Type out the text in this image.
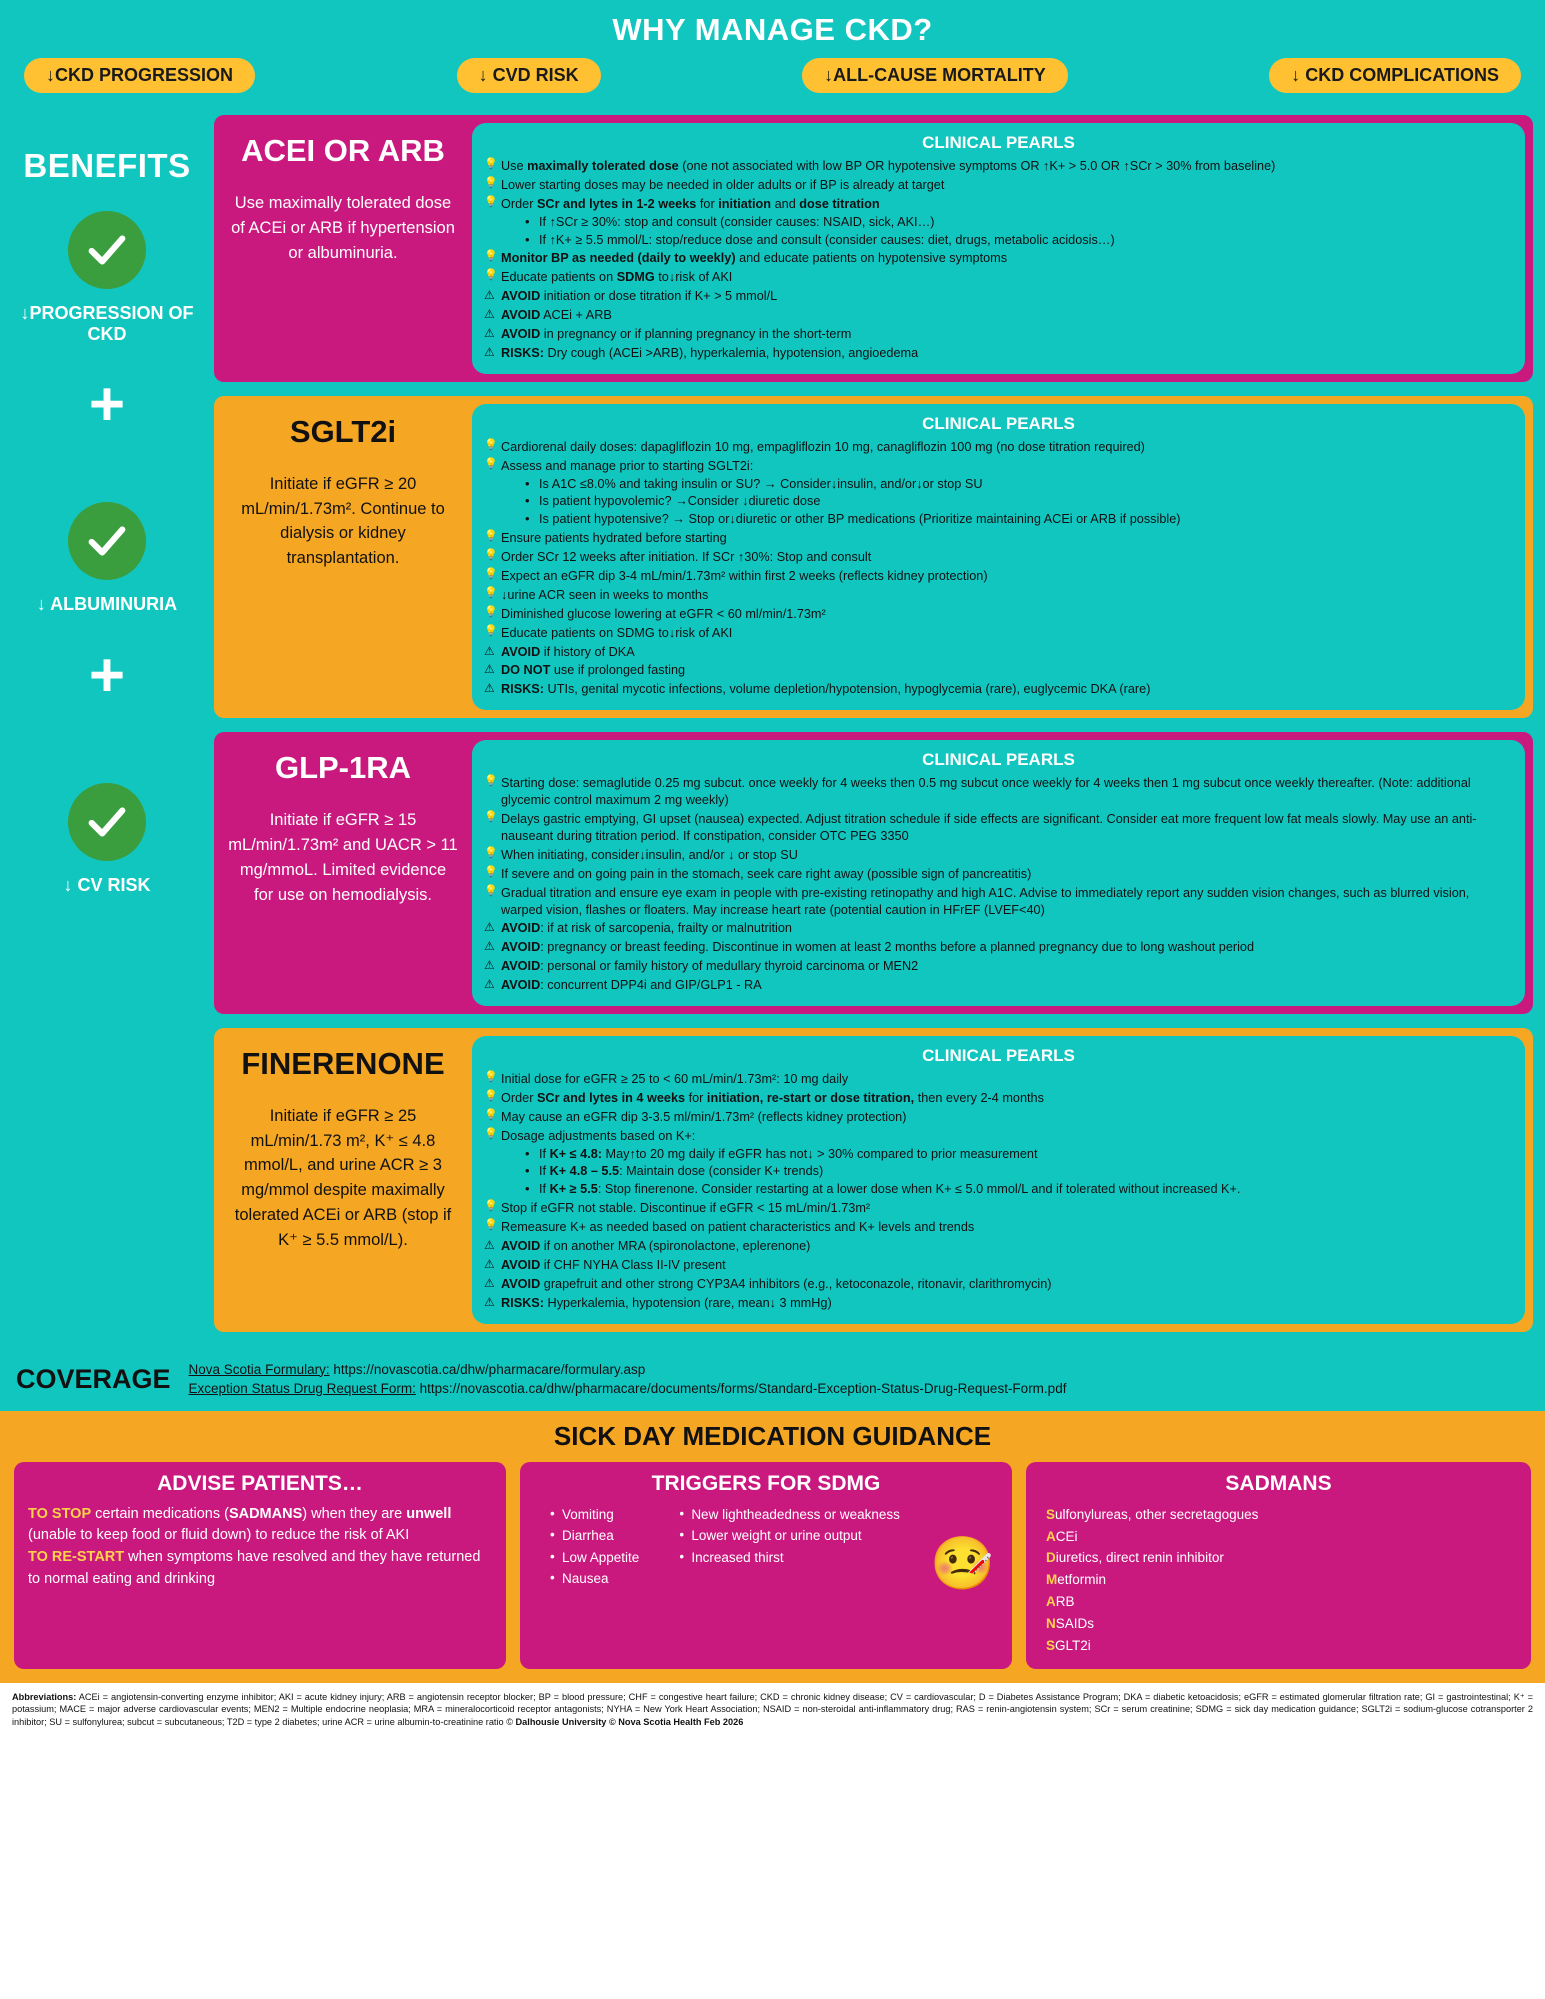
WHY MANAGE CKD?
↓CKD PROGRESSION	↓ CVD RISK	↓ALL-CAUSE MORTALITY	↓ CKD COMPLICATIONS
BENEFITS
↓PROGRESSION OF CKD
+
↓ ALBUMINURIA
+
↓ CV RISK
ACEI OR ARB
Use maximally tolerated dose of ACEi or ARB if hypertension or albuminuria.
CLINICAL PEARLS
💡 Use maximally tolerated dose (one not associated with low BP OR hypotensive symptoms OR ↑K+ > 5.0 OR ↑SCr > 30% from baseline)
💡 Lower starting doses may be needed in older adults or if BP is already at target
💡 Order SCr and lytes in 1-2 weeks for initiation and dose titration
• If ↑SCr ≥ 30%: stop and consult (consider causes: NSAID, sick, AKI…)
• If ↑K+ ≥ 5.5 mmol/L: stop/reduce dose and consult (consider causes: diet, drugs, metabolic acidosis…)
💡 Monitor BP as needed (daily to weekly) and educate patients on hypotensive symptoms
💡 Educate patients on SDMG to↓risk of AKI
⚠ AVOID initiation or dose titration if K+ > 5 mmol/L
⚠ AVOID ACEi + ARB
⚠ AVOID in pregnancy or if planning pregnancy in the short-term
⚠ RISKS: Dry cough (ACEi >ARB), hyperkalemia, hypotension, angioedema
SGLT2i
Initiate if eGFR ≥ 20 mL/min/1.73m². Continue to dialysis or kidney transplantation.
CLINICAL PEARLS
💡 Cardiorenal daily doses: dapagliflozin 10 mg, empagliflozin 10 mg, canagliflozin 100 mg (no dose titration required)
💡 Assess and manage prior to starting SGLT2i:
• Is A1C ≤8.0% and taking insulin or SU? → Consider↓insulin, and/or↓or stop SU
• Is patient hypovolemic? →Consider ↓diuretic dose
• Is patient hypotensive? → Stop or↓diuretic or other BP medications (Prioritize maintaining ACEi or ARB if possible)
💡 Ensure patients hydrated before starting
💡 Order SCr 12 weeks after initiation. If SCr ↑30%: Stop and consult
💡 Expect an eGFR dip 3-4 mL/min/1.73m² within first 2 weeks (reflects kidney protection)
💡 ↓urine ACR seen in weeks to months
💡 Diminished glucose lowering at eGFR < 60 ml/min/1.73m²
💡 Educate patients on SDMG to↓risk of AKI
⚠ AVOID if history of DKA
⚠ DO NOT use if prolonged fasting
⚠ RISKS: UTIs, genital mycotic infections, volume depletion/hypotension, hypoglycemia (rare), euglycemic DKA (rare)
GLP-1RA
Initiate if eGFR ≥ 15 mL/min/1.73m² and UACR > 11 mg/mmoL. Limited evidence for use on hemodialysis.
CLINICAL PEARLS
💡 Starting dose: semaglutide 0.25 mg subcut. once weekly for 4 weeks then 0.5 mg subcut once weekly for 4 weeks then 1 mg subcut once weekly thereafter. (Note: additional glycemic control maximum 2 mg weekly)
💡 Delays gastric emptying, GI upset (nausea) expected. Adjust titration schedule if side effects are significant. Consider eat more frequent low fat meals slowly. May use an anti-nauseant during titration period. If constipation, consider OTC PEG 3350
💡 When initiating, consider↓insulin, and/or ↓ or stop SU
💡 If severe and on going pain in the stomach, seek care right away (possible sign of pancreatitis)
💡 Gradual titration and ensure eye exam in people with pre-existing retinopathy and high A1C. Advise to immediately report any sudden vision changes, such as blurred vision, warped vision, flashes or floaters. May increase heart rate (potential caution in HFrEF (LVEF<40)
⚠ AVOID: if at risk of sarcopenia, frailty or malnutrition
⚠ AVOID: pregnancy or breast feeding. Discontinue in women at least 2 months before a planned pregnancy due to long washout period
⚠ AVOID: personal or family history of medullary thyroid carcinoma or MEN2
⚠ AVOID: concurrent DPP4i and GIP/GLP1 - RA
FINERENONE
Initiate if eGFR ≥ 25 mL/min/1.73 m², K⁺ ≤ 4.8 mmol/L, and urine ACR ≥ 3 mg/mmol despite maximally tolerated ACEi or ARB (stop if K⁺ ≥ 5.5 mmol/L).
CLINICAL PEARLS
💡 Initial dose for eGFR ≥ 25 to < 60 mL/min/1.73m²: 10 mg daily
💡 Order SCr and lytes in 4 weeks for initiation, re-start or dose titration, then every 2-4 months
💡 May cause an eGFR dip 3-3.5 ml/min/1.73m² (reflects kidney protection)
💡 Dosage adjustments based on K+:
• If K+ ≤ 4.8: May↑to 20 mg daily if eGFR has not↓ > 30% compared to prior measurement
• If K+ 4.8 – 5.5: Maintain dose (consider K+ trends)
• If K+ ≥ 5.5: Stop finerenone. Consider restarting at a lower dose when K+ ≤ 5.0 mmol/L and if tolerated without increased K+.
💡 Stop if eGFR not stable. Discontinue if eGFR < 15 mL/min/1.73m²
💡 Remeasure K+ as needed based on patient characteristics and K+ levels and trends
⚠ AVOID if on another MRA (spironolactone, eplerenone)
⚠ AVOID if CHF NYHA Class II-IV present
⚠ AVOID grapefruit and other strong CYP3A4 inhibitors (e.g., ketoconazole, ritonavir, clarithromycin)
⚠ RISKS: Hyperkalemia, hypotension (rare, mean↓ 3 mmHg)
COVERAGE Nova Scotia Formulary: https://novascotia.ca/dhw/pharmacare/formulary.asp
Exception Status Drug Request Form: https://novascotia.ca/dhw/pharmacare/documents/forms/Standard-Exception-Status-Drug-Request-Form.pdf
SICK DAY MEDICATION GUIDANCE
ADVISE PATIENTS…
TO STOP certain medications (SADMANS) when they are unwell (unable to keep food or fluid down) to reduce the risk of AKI
TO RE-START when symptoms have resolved and they have returned to normal eating and drinking
TRIGGERS FOR SDMG
• Vomiting
• Diarrhea
• Low Appetite
• Nausea
• New lightheadedness or weakness
• Lower weight or urine output
• Increased thirst	🤒
SADMANS
Sulfonylureas, other secretagogues
ACEi
Diuretics, direct renin inhibitor
Metformin
ARB
NSAIDs
SGLT2i

Abbreviations: ACEi = angiotensin-converting enzyme inhibitor; AKI = acute kidney injury; ARB = angiotensin receptor blocker; BP = blood pressure; CHF = congestive heart failure; CKD = chronic kidney disease; CV = cardiovascular; D = Diabetes Assistance Program; DKA = diabetic ketoacidosis; eGFR = estimated glomerular filtration rate; GI = gastrointestinal; K⁺ = potassium; MACE = major adverse cardiovascular events; MEN2 = Multiple endocrine neoplasia; MRA = mineralocorticoid receptor antagonists; NYHA = New York Heart Association; NSAID = non-steroidal anti-inflammatory drug; RAS = renin-angiotensin system; SCr = serum creatinine; SDMG = sick day medication guidance; SGLT2i = sodium-glucose cotransporter 2 inhibitor; SU = sulfonylurea; subcut = subcutaneous; T2D = type 2 diabetes; urine ACR = urine albumin-to-creatinine ratio © Dalhousie University © Nova Scotia Health Feb 2026
